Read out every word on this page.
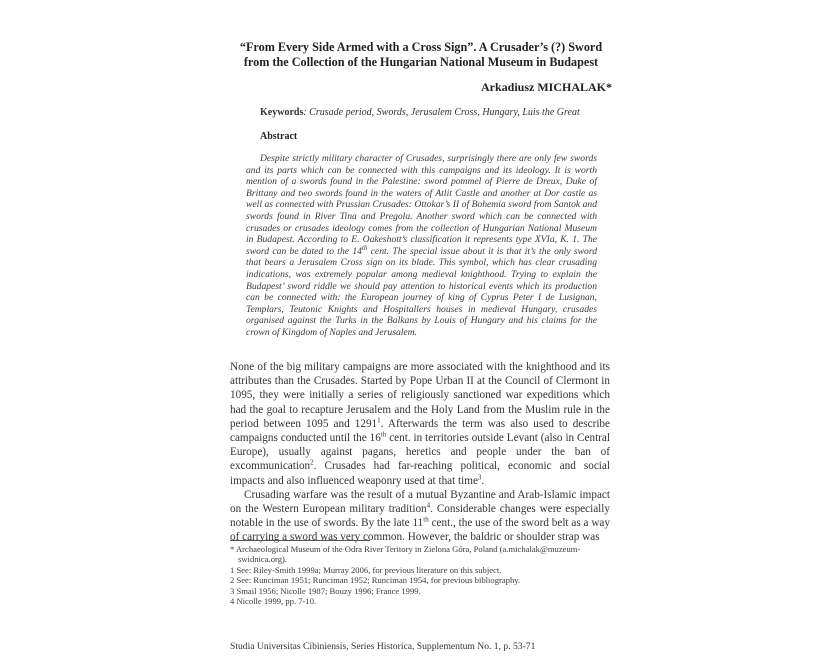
“From Every Side Armed with a Cross Sign”. A Crusader’s (?) Sword
from the Collection of the Hungarian National Museum in Budapest
Arkadiusz MICHALAK*
Keywords: Crusade period, Swords, Jerusalem Cross, Hungary, Luis the Great
Abstract

Despite strictly military character of Crusades, surprisingly there are only few swords and its parts which can be connected with this campaigns and its ideology. It is worth mention of a swords found in the Palestine: sword pommel of Pierre de Dreux, Duke of Brittany and two swords found in the waters of Atlit Castle and another at Dor castle as well as connected with Prussian Crusades: Ottokar’s II of Bohemia sword from Santok and swords found in River Tina and Pregola. Another sword which can be connected with crusades or crusades ideology comes from the collection of Hungarian National Museum in Budapest. According to E. Oakeshott’s classification it represents type XVIa, K. 1. The sword can be dated to the 14th cent. The special issue about it is that it’s the only sword that bears a Jerusalem Cross sign on its blade. This symbol, which has clear crusading indications, was extremely popular among medieval knighthood. Trying to explain the Budapest’ sword riddle we should pay attention to historical events which its production can be connected with: the European journey of king of Cyprus Peter I de Lusignan, Templars, Teutonic Knights and Hospitallers houses in medieval Hungary, crusades organised against the Turks in the Balkans by Louis of Hungary and his claims for the crown of Kingdom of Naples and Jerusalem.

None of the big military campaigns are more associated with the knighthood and its attributes than the Crusades. Started by Pope Urban II at the Council of Clermont in 1095, they were initially a series of religiously sanctioned war expeditions which had the goal to recapture Jerusalem and the Holy Land from the Muslim rule in the period between 1095 and 1291$^1$. Afterwards the term was also used to describe campaigns conducted until the 16th cent. in territories outside Levant (also in Central Europe), usually against pagans, heretics and people under the ban of excommunication$^2$. Crusades had far-reaching political, economic and social impacts and also influenced weaponry used at that time$^3$.

Crusading warfare was the result of a mutual Byzantine and Arab-Islamic impact on the Western European military tradition$^4$. Considerable changes were especially notable in the use of swords. By the late 11th cent., the use of the sword belt as a way of carrying a sword was very common. However, the baldric or shoulder strap was

* Archaeological Museum of the Odra River Teritory in Zielona Góra, Poland (a.michalak@muzeum-swidnica.org).
1 See: Riley-Smith 1999a; Murray 2006, for previous literature on this subject.
2 See: Runciman 1951; Runciman 1952; Runciman 1954, for previous bibliography.
3 Smail 1956; Nicolle 1987; Bouzy 1996; France 1999.
4 Nicolle 1999, pp. 7-10.
Studia Universitas Cibiniensis, Series Historica, Supplementum No. 1, p. 53-71
